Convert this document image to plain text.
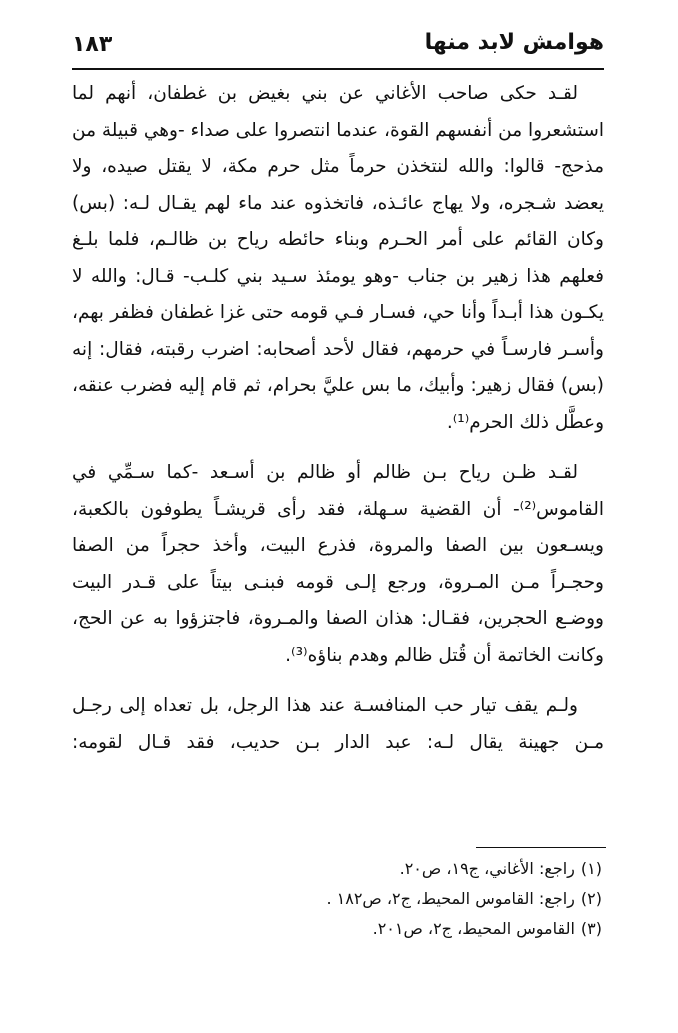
١٨٣	هوامش لابد منها

لقـد حكى صاحب الأغاني عن بني بغيض بن غطفان، أنهم لما استشعروا من أنفسهم القوة، عندما انتصروا على صداء -وهي قبيلة من مذحج- قالوا: والله لنتخذن حرماً مثل حرم مكة، لا يقتل صيده، ولا يعضد شـجره، ولا يهاج عائـذه، فاتخذوه عند ماء لهم يقـال لـه: (بس) وكان القائم على أمر الحـرم وبناء حائطه رياح بن ظالـم، فلما بلـغ فعلهم هذا زهير بن جناب -وهو يومئذ سـيد بني كلـب- قـال: والله لا يكـون هذا أبـداً وأنا حي، فسـار فـي قومه حتى غزا غطفان فظفر بهم، وأسـر فارسـاً في حرمهم، فقال لأحد أصحابه: اضرب رقبته، فقال: إنه (بس) فقال زهير: وأبيك، ما بس عليَّ بحرام، ثم قام إليه فضرب عنقه، وعطَّل ذلك الحرم⁽¹⁾.

لقـد ظـن رياح بـن ظالم أو ظالم بن أسـعد -كما سـمِّي في القاموس⁽²⁾- أن القضية سـهلة، فقد رأى قريشـاً يطوفون بالكعبة، ويسـعون بين الصفا والمروة، فذرع البيت، وأخذ حجراً من الصفا وحجـراً مـن المـروة، ورجع إلـى قومه فبنـى بيتاً على قـدر البيت ووضـع الحجرين، فقـال: هذان الصفا والمـروة، فاجتزؤوا به عن الحج، وكانت الخاتمة أن قُتل ظالم وهدم بناؤه⁽³⁾.

ولـم يقف تيار حب المنافسـة عند هذا الرجل، بل تعداه إلى رجـل مـن جهينة يقال لـه: عبد الدار بـن حديب، فقد قـال لقومه:

(١)راجع: الأغاني، ج١٩، ص٢٠.
(٢)راجع: القاموس المحيط، ج٢، ص١٨٢ .
(٣)القاموس المحيط، ج٢، ص٢٠١.
